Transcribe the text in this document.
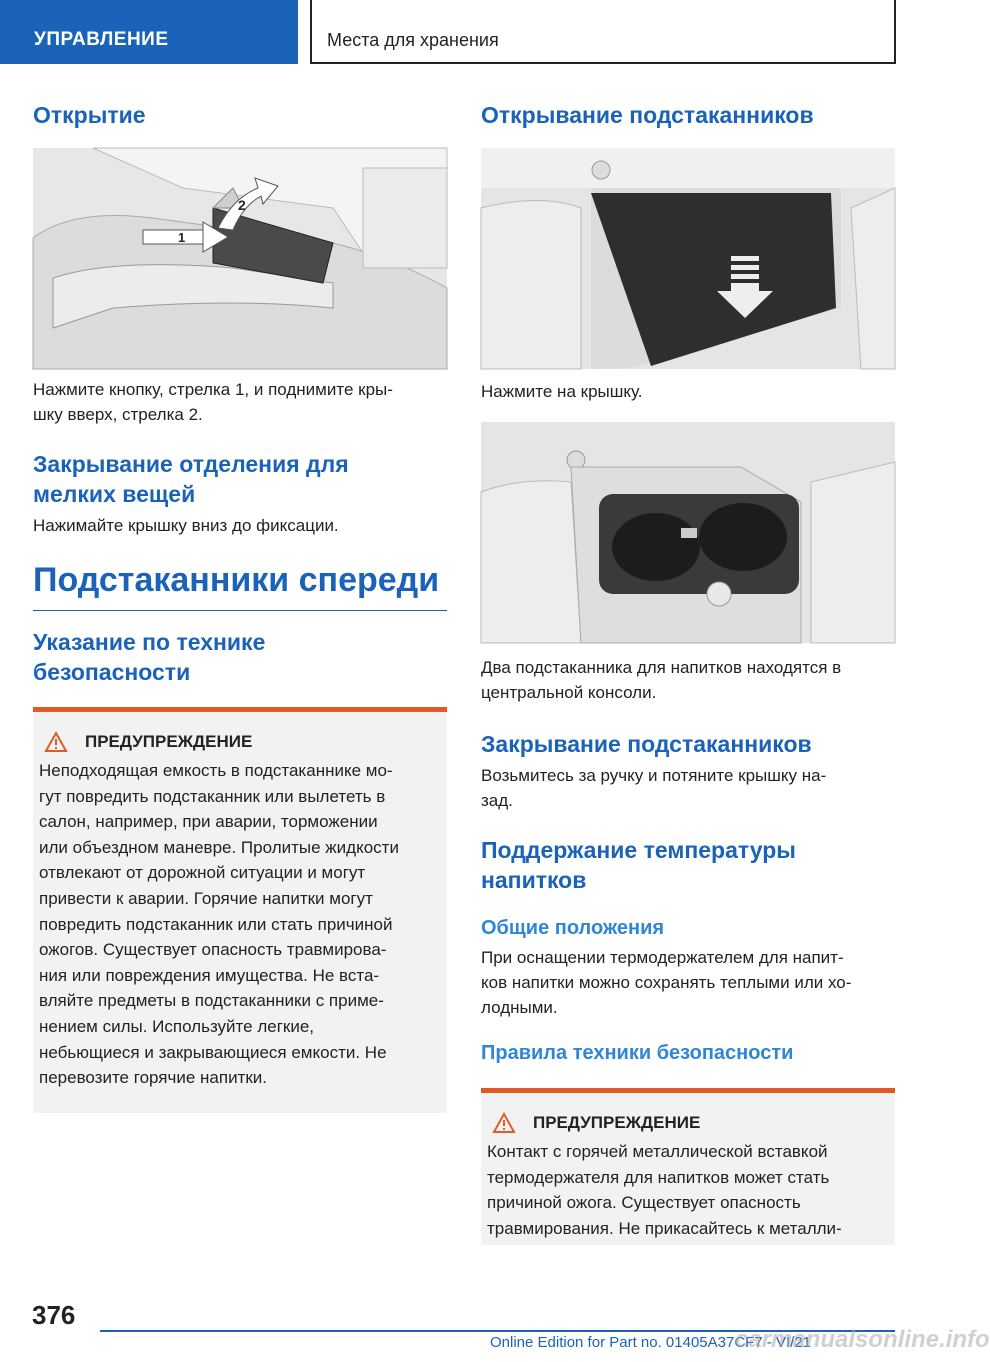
УПРАВЛЕНИЕ	Места для хранения
Открытие
1
2

Нажмите кнопку, стрелка 1, и поднимите кры-
шку вверх, стрелка 2.

Закрывание отделения для
мелких вещей

Нажимайте крышку вниз до фиксации.

Подстаканники спереди
Указание по технике
безопасности
ПРЕДУПРЕЖДЕНИЕ

Неподходящая емкость в подстаканнике мо-
гут повредить подстаканник или вылететь в
салон, например, при аварии, торможении
или объездном маневре. Пролитые жидкости
отвлекают от дорожной ситуации и могут
привести к аварии. Горячие напитки могут
повредить подстаканник или стать причиной
ожогов. Существует опасность травмирова-
ния или повреждения имущества. Не вста-
вляйте предметы в подстаканники с приме-
нением силы. Используйте легкие,
небьющиеся и закрывающиеся емкости. Не
перевозите горячие напитки.

Открывание подстаканников

Нажмите на крышку.

Два подстаканника для напитков находятся в
центральной консоли.

Закрывание подстаканников

Возьмитесь за ручку и потяните крышку на-
зад.

Поддержание температуры
напитков
Общие положения

При оснащении термодержателем для напит-
ков напитки можно сохранять теплыми или хо-
лодными.

Правила техники безопасности
ПРЕДУПРЕЖДЕНИЕ

Контакт с горячей металлической вставкой
термодержателя для напитков может стать
причиной ожога. Существует опасность
травмирования. Не прикасайтесь к металли-

376
Online Edition for Part no. 01405A37CF7 - VI/21
carmanualsonline.info
